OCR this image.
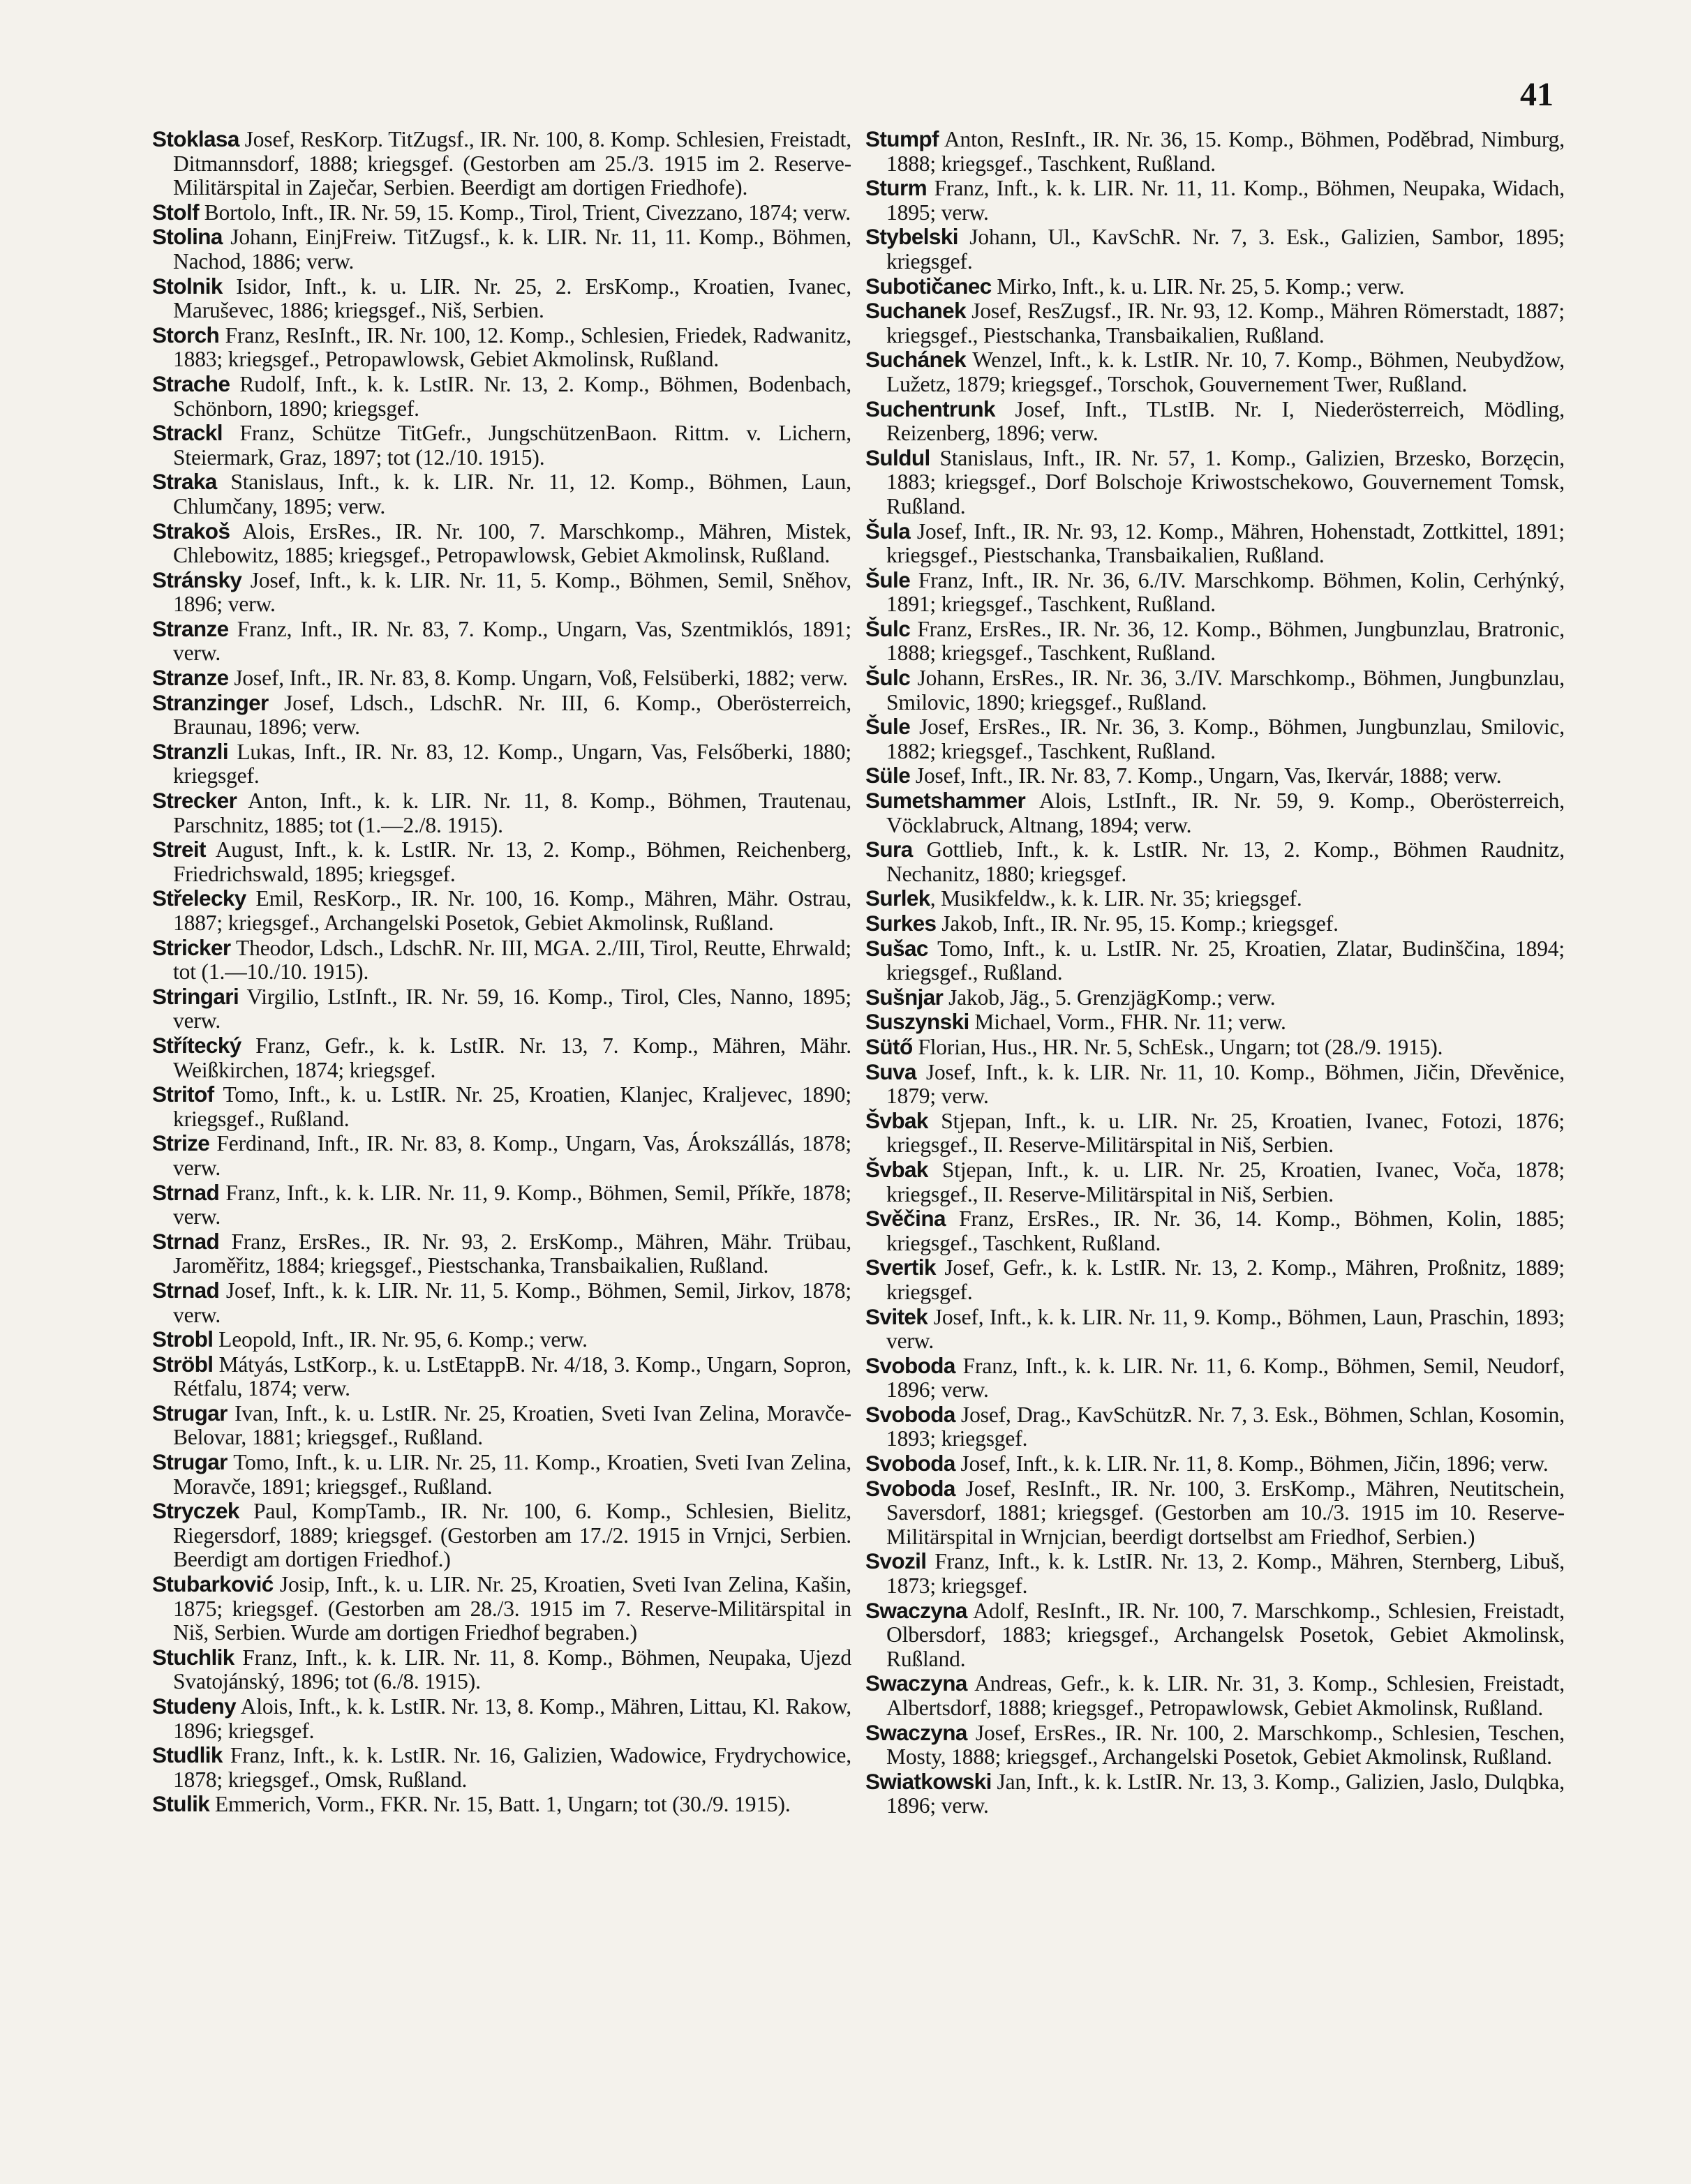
41

Stoklasa Josef, ResKorp. TitZugsf., IR. Nr. 100, 8. Komp. Schlesien, Freistadt, Ditmannsdorf, 1888; kriegsgef. (Gestorben am 25./3. 1915 im 2. Reserve-Militärspital in Zaječar, Serbien. Beerdigt am dortigen Friedhofe).

Stolf Bortolo, Inft., IR. Nr. 59, 15. Komp., Tirol, Trient, Civezzano, 1874; verw.

Stolina Johann, EinjFreiw. TitZugsf., k. k. LIR. Nr. 11, 11. Komp., Böhmen, Nachod, 1886; verw.

Stolnik Isidor, Inft., k. u. LIR. Nr. 25, 2. ErsKomp., Kroatien, Ivanec, Maruševec, 1886; kriegsgef., Niš, Serbien.

Storch Franz, ResInft., IR. Nr. 100, 12. Komp., Schlesien, Friedek, Radwanitz, 1883; kriegsgef., Petropawlowsk, Gebiet Akmolinsk, Rußland.

Strache Rudolf, Inft., k. k. LstIR. Nr. 13, 2. Komp., Böhmen, Bodenbach, Schönborn, 1890; kriegsgef.

Strackl Franz, Schütze TitGefr., JungschützenBaon. Rittm. v. Lichern, Steiermark, Graz, 1897; tot (12./10. 1915).

Straka Stanislaus, Inft., k. k. LIR. Nr. 11, 12. Komp., Böhmen, Laun, Chlumčany, 1895; verw.

Strakoš Alois, ErsRes., IR. Nr. 100, 7. Marschkomp., Mähren, Mistek, Chlebowitz, 1885; kriegsgef., Petropawlowsk, Gebiet Akmolinsk, Rußland.

Stránsky Josef, Inft., k. k. LIR. Nr. 11, 5. Komp., Böhmen, Semil, Sněhov, 1896; verw.

Stranze Franz, Inft., IR. Nr. 83, 7. Komp., Ungarn, Vas, Szentmiklós, 1891; verw.

Stranze Josef, Inft., IR. Nr. 83, 8. Komp. Ungarn, Voß, Felsüberki, 1882; verw.

Stranzinger Josef, Ldsch., LdschR. Nr. III, 6. Komp., Oberösterreich, Braunau, 1896; verw.

Stranzli Lukas, Inft., IR. Nr. 83, 12. Komp., Ungarn, Vas, Felsőberki, 1880; kriegsgef.

Strecker Anton, Inft., k. k. LIR. Nr. 11, 8. Komp., Böhmen, Trautenau, Parschnitz, 1885; tot (1.—2./8. 1915).

Streit August, Inft., k. k. LstIR. Nr. 13, 2. Komp., Böhmen, Reichenberg, Friedrichswald, 1895; kriegsgef.

Střelecky Emil, ResKorp., IR. Nr. 100, 16. Komp., Mähren, Mähr. Ostrau, 1887; kriegsgef., Archangelski Posetok, Gebiet Akmolinsk, Rußland.

Stricker Theodor, Ldsch., LdschR. Nr. III, MGA. 2./III, Tirol, Reutte, Ehrwald; tot (1.—10./10. 1915).

Stringari Virgilio, LstInft., IR. Nr. 59, 16. Komp., Tirol, Cles, Nanno, 1895; verw.

Střítecký Franz, Gefr., k. k. LstIR. Nr. 13, 7. Komp., Mähren, Mähr. Weißkirchen, 1874; kriegsgef.

Stritof Tomo, Inft., k. u. LstIR. Nr. 25, Kroatien, Klanjec, Kraljevec, 1890; kriegsgef., Rußland.

Strize Ferdinand, Inft., IR. Nr. 83, 8. Komp., Ungarn, Vas, Árokszállás, 1878; verw.

Strnad Franz, Inft., k. k. LIR. Nr. 11, 9. Komp., Böhmen, Semil, Příkře, 1878; verw.

Strnad Franz, ErsRes., IR. Nr. 93, 2. ErsKomp., Mähren, Mähr. Trübau, Jaroměřitz, 1884; kriegsgef., Piestschanka, Transbaikalien, Rußland.

Strnad Josef, Inft., k. k. LIR. Nr. 11, 5. Komp., Böhmen, Semil, Jirkov, 1878; verw.

Strobl Leopold, Inft., IR. Nr. 95, 6. Komp.; verw.

Ströbl Mátyás, LstKorp., k. u. LstEtappB. Nr. 4/18, 3. Komp., Ungarn, Sopron, Rétfalu, 1874; verw.

Strugar Ivan, Inft., k. u. LstIR. Nr. 25, Kroatien, Sveti Ivan Zelina, Moravče-Belovar, 1881; kriegsgef., Rußland.

Strugar Tomo, Inft., k. u. LIR. Nr. 25, 11. Komp., Kroatien, Sveti Ivan Zelina, Moravče, 1891; kriegsgef., Rußland.

Stryczek Paul, KompTamb., IR. Nr. 100, 6. Komp., Schlesien, Bielitz, Riegersdorf, 1889; kriegsgef. (Gestorben am 17./2. 1915 in Vrnjci, Serbien. Beerdigt am dortigen Friedhof.)

Stubarković Josip, Inft., k. u. LIR. Nr. 25, Kroatien, Sveti Ivan Zelina, Kašin, 1875; kriegsgef. (Gestorben am 28./3. 1915 im 7. Reserve-Militärspital in Niš, Serbien. Wurde am dortigen Friedhof begraben.)

Stuchlik Franz, Inft., k. k. LIR. Nr. 11, 8. Komp., Böhmen, Neupaka, Ujezd Svatojánský, 1896; tot (6./8. 1915).

Studeny Alois, Inft., k. k. LstIR. Nr. 13, 8. Komp., Mähren, Littau, Kl. Rakow, 1896; kriegsgef.

Studlik Franz, Inft., k. k. LstIR. Nr. 16, Galizien, Wadowice, Frydrychowice, 1878; kriegsgef., Omsk, Rußland.

Stulik Emmerich, Vorm., FKR. Nr. 15, Batt. 1, Ungarn; tot (30./9. 1915).

Stumpf Anton, ResInft., IR. Nr. 36, 15. Komp., Böhmen, Poděbrad, Nimburg, 1888; kriegsgef., Taschkent, Rußland.

Sturm Franz, Inft., k. k. LIR. Nr. 11, 11. Komp., Böhmen, Neupaka, Widach, 1895; verw.

Stybelski Johann, Ul., KavSchR. Nr. 7, 3. Esk., Galizien, Sambor, 1895; kriegsgef.

Subotičanec Mirko, Inft., k. u. LIR. Nr. 25, 5. Komp.; verw.

Suchanek Josef, ResZugsf., IR. Nr. 93, 12. Komp., Mähren Römerstadt, 1887; kriegsgef., Piestschanka, Transbaikalien, Rußland.

Suchánek Wenzel, Inft., k. k. LstIR. Nr. 10, 7. Komp., Böhmen, Neubydžow, Lužetz, 1879; kriegsgef., Torschok, Gouvernement Twer, Rußland.

Suchentrunk Josef, Inft., TLstIB. Nr. I, Niederösterreich, Mödling, Reizenberg, 1896; verw.

Suldul Stanislaus, Inft., IR. Nr. 57, 1. Komp., Galizien, Brzesko, Borzęcin, 1883; kriegsgef., Dorf Bolschoje Kriwostschekowo, Gouvernement Tomsk, Rußland.

Šula Josef, Inft., IR. Nr. 93, 12. Komp., Mähren, Hohenstadt, Zottkittel, 1891; kriegsgef., Piestschanka, Transbaikalien, Rußland.

Šule Franz, Inft., IR. Nr. 36, 6./IV. Marschkomp. Böhmen, Kolin, Cerhýnký, 1891; kriegsgef., Taschkent, Rußland.

Šulc Franz, ErsRes., IR. Nr. 36, 12. Komp., Böhmen, Jungbunzlau, Bratronic, 1888; kriegsgef., Taschkent, Rußland.

Šulc Johann, ErsRes., IR. Nr. 36, 3./IV. Marschkomp., Böhmen, Jungbunzlau, Smilovic, 1890; kriegsgef., Rußland.

Šule Josef, ErsRes., IR. Nr. 36, 3. Komp., Böhmen, Jungbunzlau, Smilovic, 1882; kriegsgef., Taschkent, Rußland.

Süle Josef, Inft., IR. Nr. 83, 7. Komp., Ungarn, Vas, Ikervár, 1888; verw.

Sumetshammer Alois, LstInft., IR. Nr. 59, 9. Komp., Oberösterreich, Vöcklabruck, Altnang, 1894; verw.

Sura Gottlieb, Inft., k. k. LstIR. Nr. 13, 2. Komp., Böhmen Raudnitz, Nechanitz, 1880; kriegsgef.

Surlek, Musikfeldw., k. k. LIR. Nr. 35; kriegsgef.

Surkes Jakob, Inft., IR. Nr. 95, 15. Komp.; kriegsgef.

Sušac Tomo, Inft., k. u. LstIR. Nr. 25, Kroatien, Zlatar, Budinščina, 1894; kriegsgef., Rußland.

Sušnjar Jakob, Jäg., 5. GrenzjägKomp.; verw.

Suszynski Michael, Vorm., FHR. Nr. 11; verw.

Sütő Florian, Hus., HR. Nr. 5, SchEsk., Ungarn; tot (28./9. 1915).

Suva Josef, Inft., k. k. LIR. Nr. 11, 10. Komp., Böhmen, Jičin, Dřevěnice, 1879; verw.

Švbak Stjepan, Inft., k. u. LIR. Nr. 25, Kroatien, Ivanec, Fotozi, 1876; kriegsgef., II. Reserve-Militärspital in Niš, Serbien.

Švbak Stjepan, Inft., k. u. LIR. Nr. 25, Kroatien, Ivanec, Voča, 1878; kriegsgef., II. Reserve-Militärspital in Niš, Serbien.

Svěčina Franz, ErsRes., IR. Nr. 36, 14. Komp., Böhmen, Kolin, 1885; kriegsgef., Taschkent, Rußland.

Svertik Josef, Gefr., k. k. LstIR. Nr. 13, 2. Komp., Mähren, Proßnitz, 1889; kriegsgef.

Svitek Josef, Inft., k. k. LIR. Nr. 11, 9. Komp., Böhmen, Laun, Praschin, 1893; verw.

Svoboda Franz, Inft., k. k. LIR. Nr. 11, 6. Komp., Böhmen, Semil, Neudorf, 1896; verw.

Svoboda Josef, Drag., KavSchützR. Nr. 7, 3. Esk., Böhmen, Schlan, Kosomin, 1893; kriegsgef.

Svoboda Josef, Inft., k. k. LIR. Nr. 11, 8. Komp., Böhmen, Jičin, 1896; verw.

Svoboda Josef, ResInft., IR. Nr. 100, 3. ErsKomp., Mähren, Neutitschein, Saversdorf, 1881; kriegsgef. (Gestorben am 10./3. 1915 im 10. Reserve-Militärspital in Wrnjcian, beerdigt dortselbst am Friedhof, Serbien.)

Svozil Franz, Inft., k. k. LstIR. Nr. 13, 2. Komp., Mähren, Sternberg, Libuš, 1873; kriegsgef.

Swaczyna Adolf, ResInft., IR. Nr. 100, 7. Marschkomp., Schlesien, Freistadt, Olbersdorf, 1883; kriegsgef., Archangelsk Posetok, Gebiet Akmolinsk, Rußland.

Swaczyna Andreas, Gefr., k. k. LIR. Nr. 31, 3. Komp., Schlesien, Freistadt, Albertsdorf, 1888; kriegsgef., Petropawlowsk, Gebiet Akmolinsk, Rußland.

Swaczyna Josef, ErsRes., IR. Nr. 100, 2. Marschkomp., Schlesien, Teschen, Mosty, 1888; kriegsgef., Archangelski Posetok, Gebiet Akmolinsk, Rußland.

Swiatkowski Jan, Inft., k. k. LstIR. Nr. 13, 3. Komp., Galizien, Jaslo, Dulqbka, 1896; verw.
